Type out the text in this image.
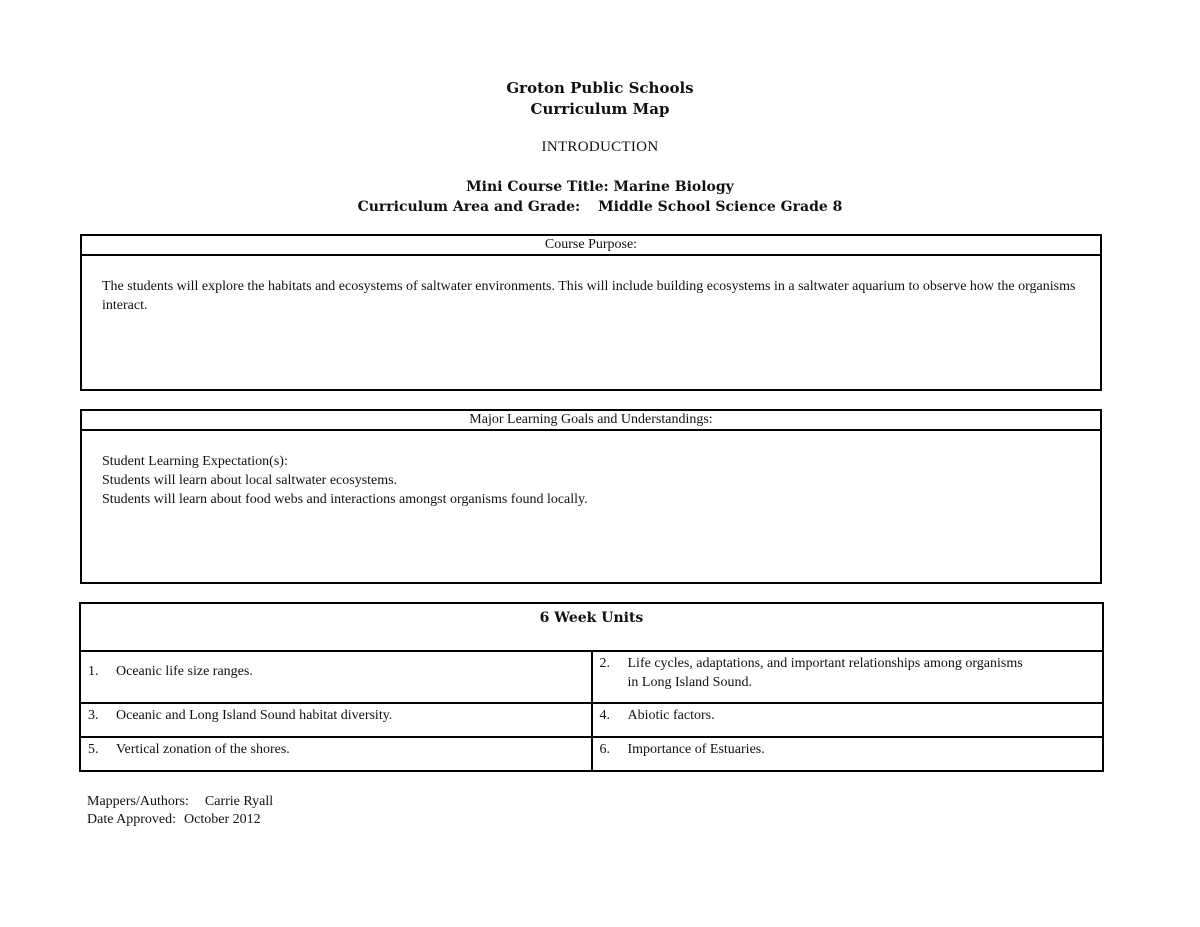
Groton Public Schools
Curriculum Map
INTRODUCTION
Mini Course Title: Marine Biology
Curriculum Area and Grade: Middle School Science Grade 8
Course Purpose:
The students will explore the habitats and ecosystems of saltwater environments. This will include building ecosystems in a saltwater aquarium to observe how the organisms interact.
Major Learning Goals and Understandings:
Student Learning Expectation(s):
Students will learn about local saltwater ecosystems.
Students will learn about food webs and interactions amongst organisms found locally.
6 Week Units	

1. Oceanic life size ranges.	2. Life cycles, adaptations, and important relationships among organisms in Long Island Sound.

3. Oceanic and Long Island Sound habitat diversity.	4. Abiotic factors.

5. Vertical zonation of the shores.	6. Importance of Estuaries.
Mappers/Authors: Carrie Ryall
Date Approved: October 2012
